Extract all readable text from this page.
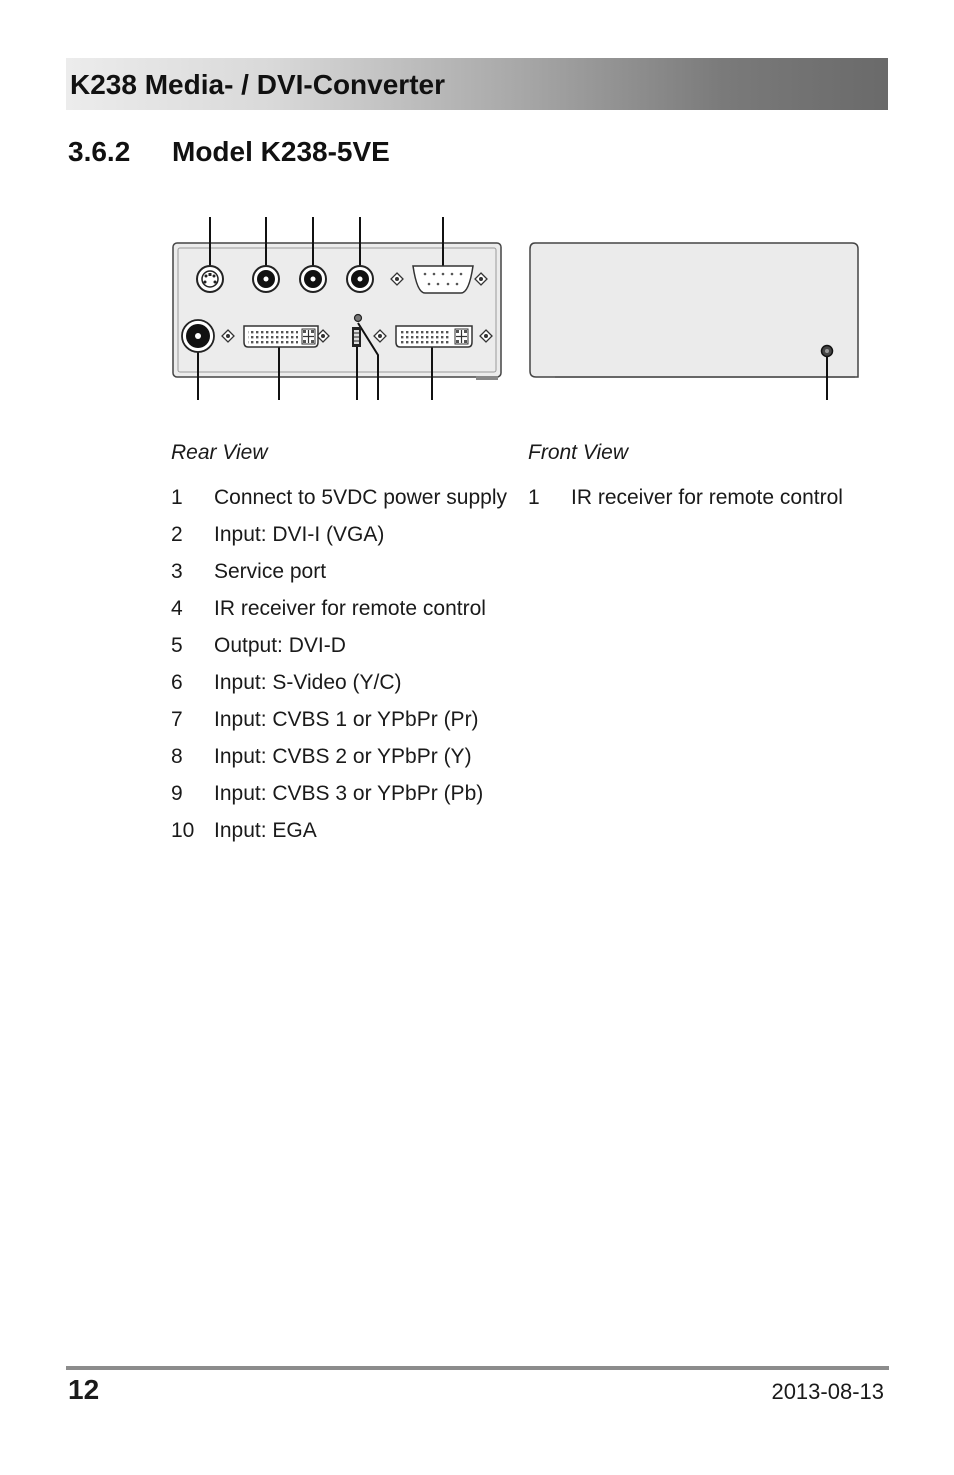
K238 Media- / DVI-Converter
3.6.2 Model K238-5VE

Rear View

1	Connect to 5VDC power supply
2	Input: DVI-I (VGA)
3	Service port
4	IR receiver for remote control
5	Output: DVI-D
6	Input: S-Video (Y/C)
7	Input: CVBS 1 or YPbPr (Pr)
8	Input: CVBS 2 or YPbPr (Y)
9	Input: CVBS 3 or YPbPr (Pb)
10 Input: EGA

Front View

1	IR receiver for remote control
12	2013-08-13
